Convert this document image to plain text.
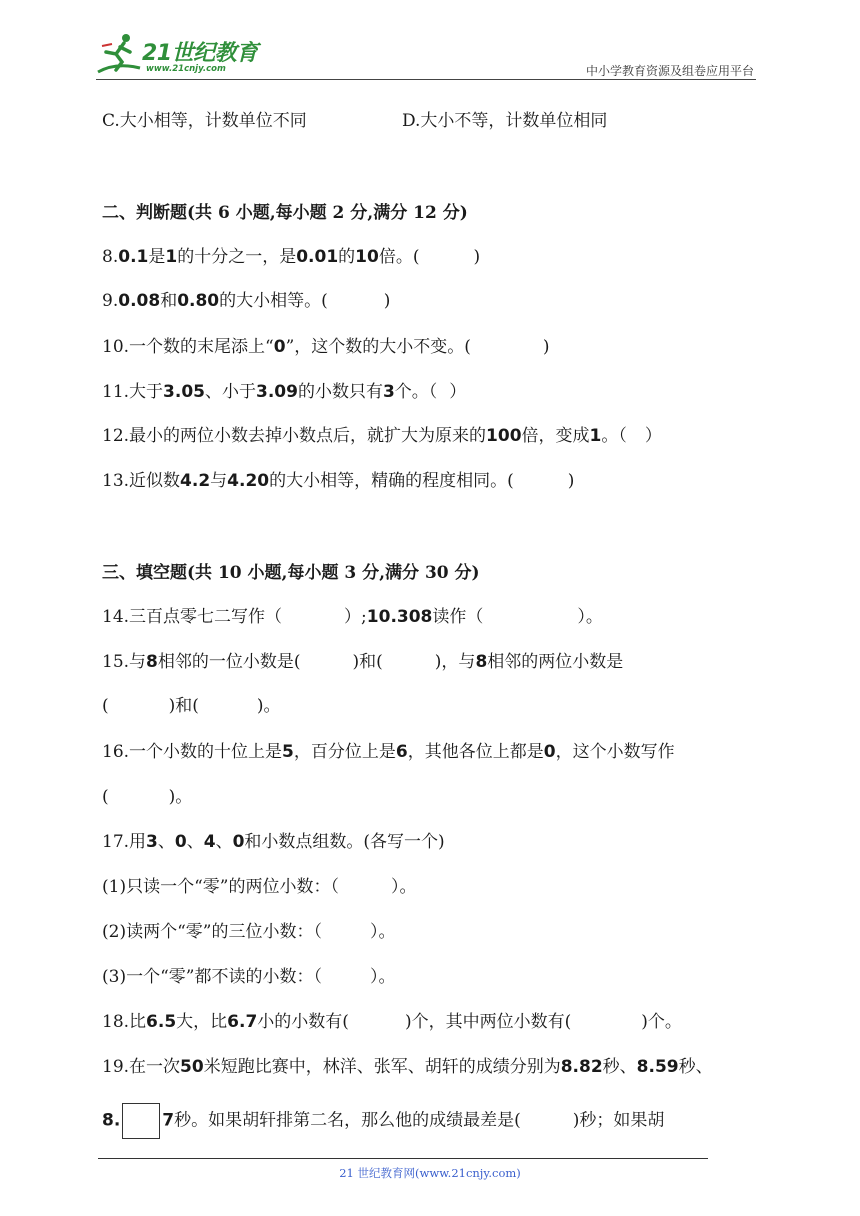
21世纪教育
www.21cnjy.com	中小学教育资源及组卷应用平台
C.大小相等，计数单位不同	D.大小不等，计数单位相同
二、判断题(共 6 小题,每小题 2 分,满分 12 分)
8.0.1是1的十分之一，是0.01的10倍。(	)
9.0.08和0.80的大小相等。(	)
10.一个数的末尾添上“0”，这个数的大小不变。(	)
11.大于3.05、小于3.09的小数只有3个。（ ）
12.最小的两位小数去掉小数点后，就扩大为原来的100倍，变成1。（ ）
13.近似数4.2与4.20的大小相等，精确的程度相同。(	)
三、填空题(共 10 小题,每小题 3 分,满分 30 分)
14.三百点零七二写作（	）;10.308读作（	）。
15.与8相邻的一位小数是(	)和(	)，与8相邻的两位小数是
(	)和(	)。
16.一个小数的十位上是5，百分位上是6，其他各位上都是0，这个小数写作
(	)。
17.用3、0、4、0和小数点组数。(各写一个)
(1)只读一个“零”的两位小数：（	）。
(2)读两个“零”的三位小数：（	）。
(3)一个“零”都不读的小数：（	）。
18.比6.5大，比6.7小的小数有(	)个，其中两位小数有(	)个。
19.在一次50米短跑比赛中，林洋、张军、胡轩的成绩分别为8.82秒、8.59秒、
8. 7秒。如果胡轩排第二名，那么他的成绩最差是(	)秒；如果胡
21 世纪教育网(www.21cnjy.com)
